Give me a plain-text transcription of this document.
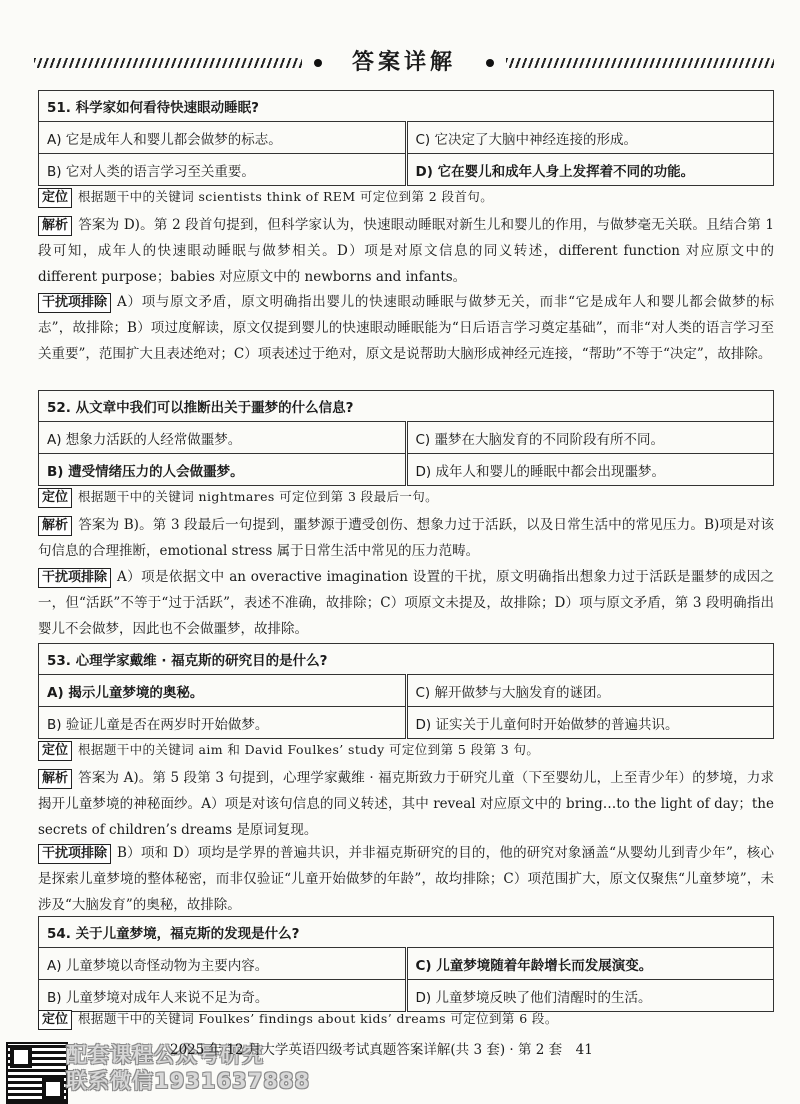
答案详解
51. 科学家如何看待快速眼动睡眠?	
A) 它是成年人和婴儿都会做梦的标志。	C) 它决定了大脑中神经连接的形成。
B) 它对人类的语言学习至关重要。	D) 它在婴儿和成年人身上发挥着不同的功能。

定位 根据题干中的关键词 scientists think of REM 可定位到第 2 段首句。

解析 答案为 D)。第 2 段首句提到，但科学家认为，快速眼动睡眠对新生儿和婴儿的作用，与做梦毫无关联。且结合第 1 段可知，成年人的快速眼动睡眠与做梦相关。D）项是对原文信息的同义转述，different function 对应原文中的 different purpose；babies 对应原文中的 newborns and infants。

干扰项排除 A）项与原文矛盾，原文明确指出婴儿的快速眼动睡眠与做梦无关，而非“它是成年人和婴儿都会做梦的标志”，故排除；B）项过度解读，原文仅提到婴儿的快速眼动睡眠能为“日后语言学习奠定基础”，而非“对人类的语言学习至关重要”，范围扩大且表述绝对；C）项表述过于绝对，原文是说帮助大脑形成神经元连接，“帮助”不等于“决定”，故排除。

52. 从文章中我们可以推断出关于噩梦的什么信息?	
A) 想象力活跃的人经常做噩梦。	C) 噩梦在大脑发育的不同阶段有所不同。
B) 遭受情绪压力的人会做噩梦。	D) 成年人和婴儿的睡眠中都会出现噩梦。

定位 根据题干中的关键词 nightmares 可定位到第 3 段最后一句。

解析 答案为 B)。第 3 段最后一句提到，噩梦源于遭受创伤、想象力过于活跃，以及日常生活中的常见压力。B)项是对该句信息的合理推断，emotional stress 属于日常生活中常见的压力范畴。

干扰项排除 A）项是依据文中 an overactive imagination 设置的干扰，原文明确指出想象力过于活跃是噩梦的成因之一，但“活跃”不等于“过于活跃”，表述不准确，故排除；C）项原文未提及，故排除；D）项与原文矛盾，第 3 段明确指出婴儿不会做梦，因此也不会做噩梦，故排除。

53. 心理学家戴维 · 福克斯的研究目的是什么?	
A) 揭示儿童梦境的奥秘。	C) 解开做梦与大脑发育的谜团。
B) 验证儿童是否在两岁时开始做梦。	D) 证实关于儿童何时开始做梦的普遍共识。

定位 根据题干中的关键词 aim 和 David Foulkes’ study 可定位到第 5 段第 3 句。

解析 答案为 A)。第 5 段第 3 句提到，心理学家戴维 · 福克斯致力于研究儿童（下至婴幼儿，上至青少年）的梦境，力求揭开儿童梦境的神秘面纱。A）项是对该句信息的同义转述，其中 reveal 对应原文中的 bring…to the light of day；the secrets of children’s dreams 是原词复现。

干扰项排除 B）项和 D）项均是学界的普遍共识，并非福克斯研究的目的，他的研究对象涵盖“从婴幼儿到青少年”，核心是探索儿童梦境的整体秘密，而非仅验证“儿童开始做梦的年龄”，故均排除；C）项范围扩大，原文仅聚焦“儿童梦境”，未涉及“大脑发育”的奥秘，故排除。

54. 关于儿童梦境，福克斯的发现是什么?	
A) 儿童梦境以奇怪动物为主要内容。	C) 儿童梦境随着年龄增长而发展演变。
B) 儿童梦境对成年人来说不足为奇。	D) 儿童梦境反映了他们清醒时的生活。

定位 根据题干中的关键词 Foulkes’ findings about kids’ dreams 可定位到第 6 段。

配套课程公众号研究
联系微信1931637888
2025 年 12 月大学英语四级考试真题答案详解(共 3 套) · 第 2 套　41
